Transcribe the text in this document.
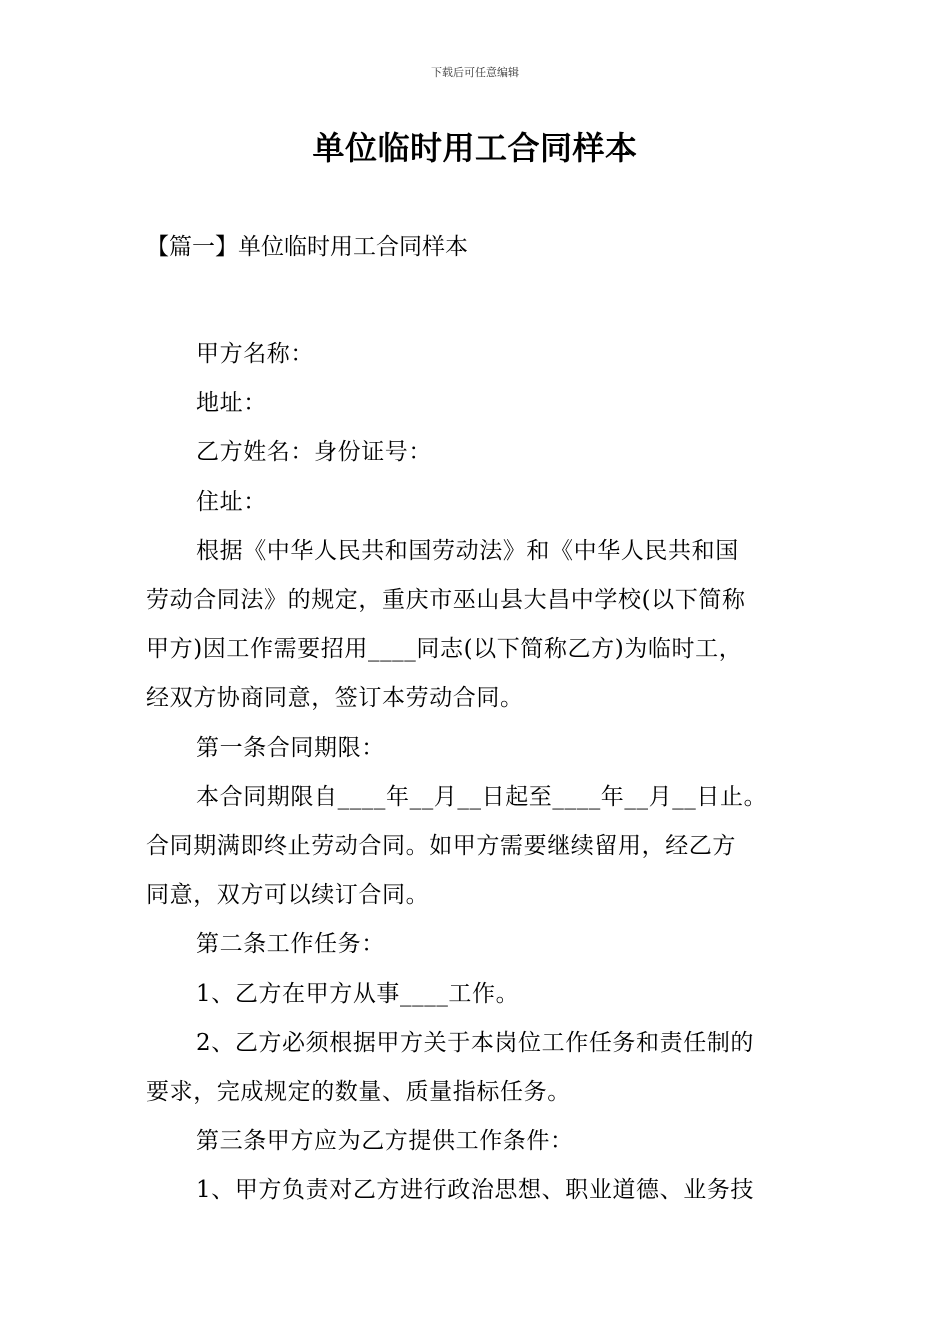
下载后可任意编辑
单位临时用工合同样本
【篇一】单位临时用工合同样本

甲方名称：

地址：

乙方姓名：身份证号：

住址：

根据《中华人民共和国劳动法》和《中华人民共和国

劳动合同法》的规定，重庆市巫山县大昌中学校(以下简称

甲方)因工作需要招用____同志(以下简称乙方)为临时工，

经双方协商同意，签订本劳动合同。

第一条合同期限：

本合同期限自____年__月__日起至____年__月__日止。

合同期满即终止劳动合同。如甲方需要继续留用，经乙方

同意，双方可以续订合同。

第二条工作任务：

1、乙方在甲方从事____工作。

2、乙方必须根据甲方关于本岗位工作任务和责任制的

要求，完成规定的数量、质量指标任务。

第三条甲方应为乙方提供工作条件：

1、甲方负责对乙方进行政治思想、职业道德、业务技
